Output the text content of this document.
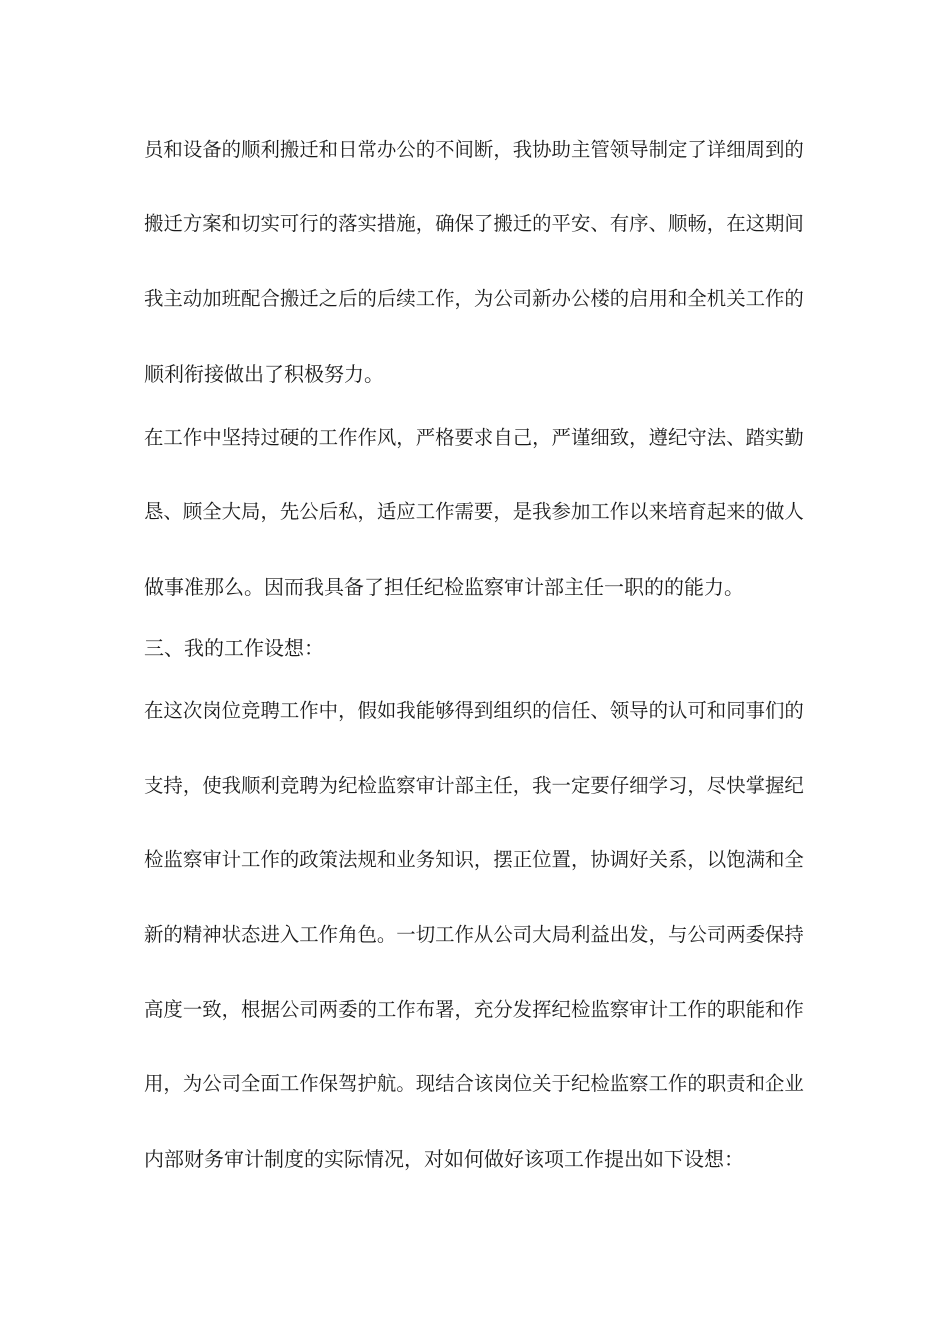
员和设备的顺利搬迁和日常办公的不间断，我协助主管领导制定了详细周到的
搬迁方案和切实可行的落实措施，确保了搬迁的平安、有序、顺畅，在这期间
我主动加班配合搬迁之后的后续工作，为公司新办公楼的启用和全机关工作的
顺利衔接做出了积极努力。
在工作中坚持过硬的工作作风，严格要求自己，严谨细致，遵纪守法、踏实勤
恳、顾全大局，先公后私，适应工作需要，是我参加工作以来培育起来的做人
做事准那么。因而我具备了担任纪检监察审计部主任一职的的能力。
三、我的工作设想：
在这次岗位竞聘工作中，假如我能够得到组织的信任、领导的认可和同事们的
支持，使我顺利竞聘为纪检监察审计部主任，我一定要仔细学习，尽快掌握纪
检监察审计工作的政策法规和业务知识，摆正位置，协调好关系，以饱满和全
新的精神状态进入工作角色。一切工作从公司大局利益出发，与公司两委保持
高度一致，根据公司两委的工作布署，充分发挥纪检监察审计工作的职能和作
用，为公司全面工作保驾护航。现结合该岗位关于纪检监察工作的职责和企业
内部财务审计制度的实际情况，对如何做好该项工作提出如下设想：
